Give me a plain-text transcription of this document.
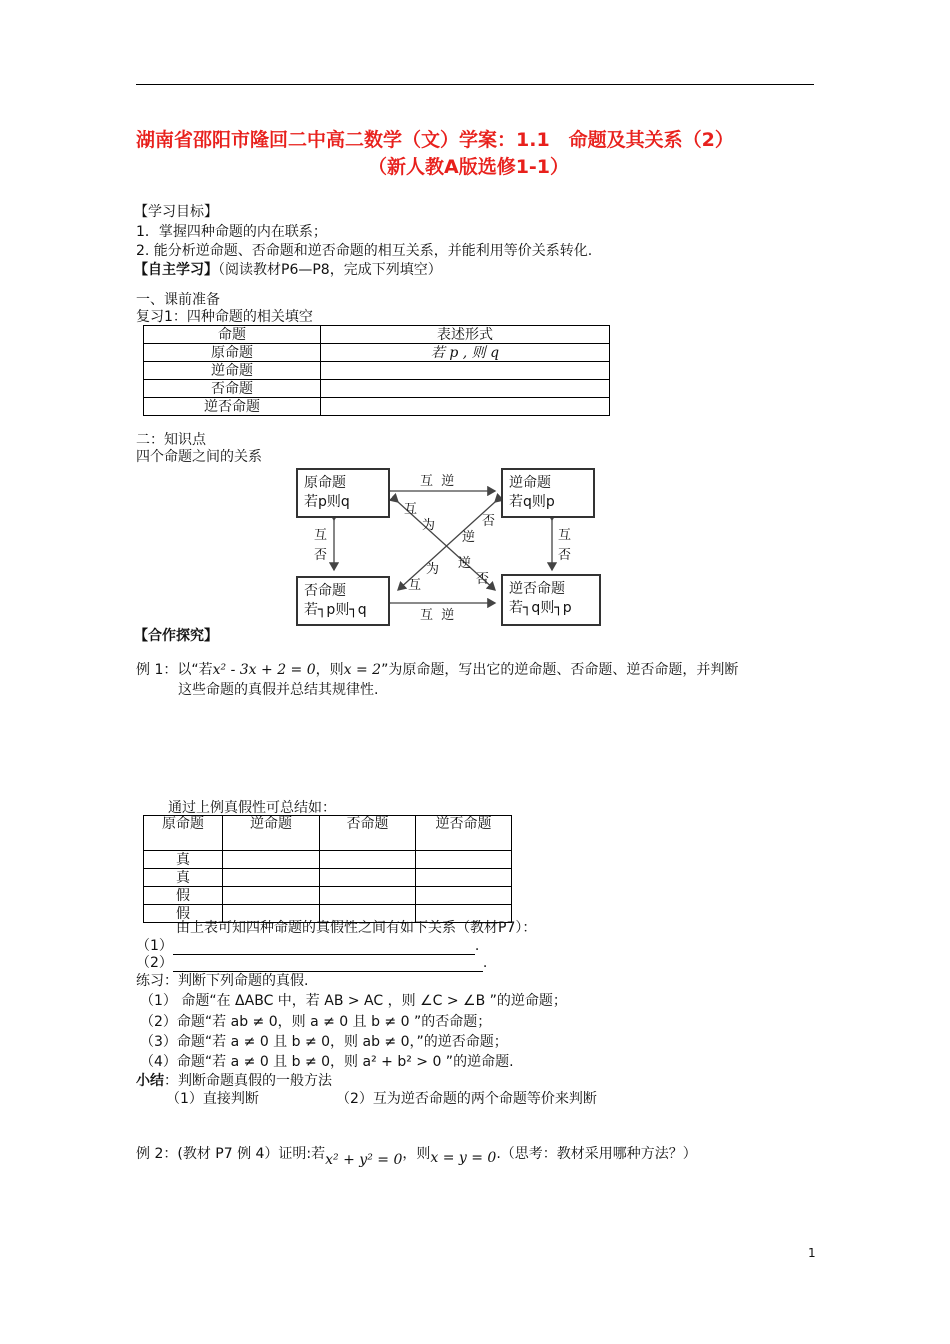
湖南省邵阳市隆回二中高二数学（文）学案：1.1　命题及其关系（2）
（新人教A版选修1-1）
【学习目标】
1．掌握四种命题的内在联系；
2. 能分析逆命题、否命题和逆否命题的相互关系，并能利用等价关系转化.
【自主学习】（阅读教材P6—P8，完成下列填空）
一、课前准备
复习1：四种命题的相关填空
命题	表述形式
原命题	若 p , 则 q
逆命题	
否命题	
逆否命题	
二：知识点
四个命题之间的关系
原命题
若p则q
逆命题
若q则p
否命题
若┐p则┐q
逆否命题
若┐q则┐p
互  逆
互  逆
互
否
互
否
互
为
逆
否
否
逆
为
互
【合作探究】
例 1：以“若x² - 3x + 2 = 0，则x = 2”为原命题，写出它的逆命题、否命题、逆否命题，并判断
这些命题的真假并总结其规律性.
通过上例真假性可总结如：
原命题	逆命题	否命题	逆否命题
真			
真			
假			
假			
由上表可知四种命题的真假性之间有如下关系（教材P7）：
（1）	.
（2）	.
练习：判断下列命题的真假.
（1） 命题“在 ΔABC 中，若 AB > AC ，则 ∠C > ∠B ”的逆命题；
（2）命题“若 ab ≠ 0，则 a ≠ 0 且 b ≠ 0 ”的否命题；
（3）命题“若 a ≠ 0 且 b ≠ 0，则 ab ≠ 0，”的逆否命题；
（4）命题“若 a ≠ 0 且 b ≠ 0，则 a² + b² > 0 ”的逆命题.
小结：判断命题真假的一般方法
（1）直接判断	（2）互为逆否命题的两个命题等价来判断
例 2：(教材 P7 例 4）证明:若x² + y² = 0，则x = y = 0.（思考：教材采用哪种方法？）
1
